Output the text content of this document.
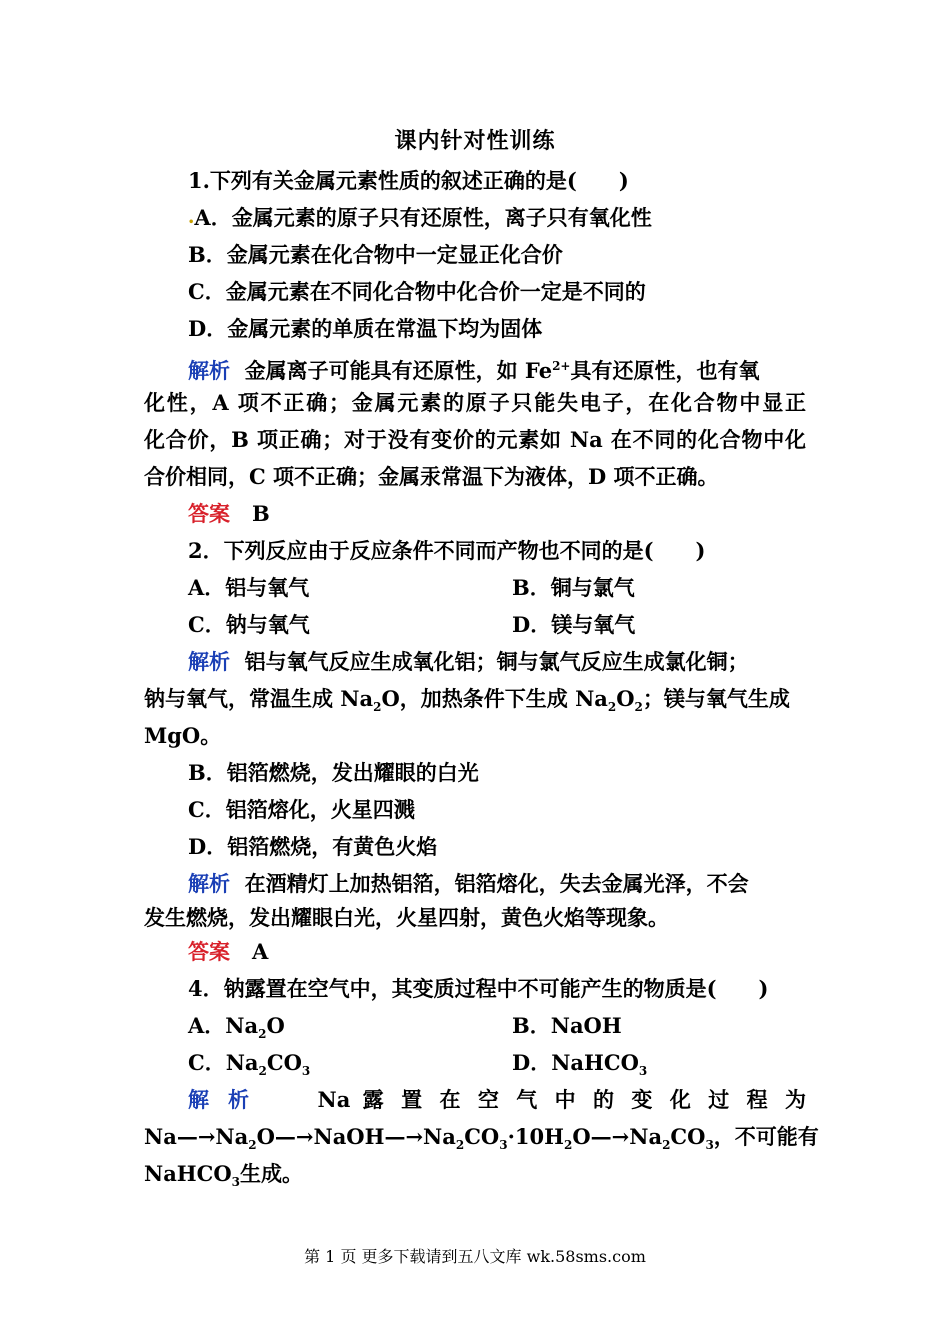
课内针对性训练
1.下列有关金属元素性质的叙述正确的是(　　)
•A．金属元素的原子只有还原性，离子只有氧化性
B．金属元素在化合物中一定显正化合价
C．金属元素在不同化合物中化合价一定是不同的
D．金属元素的单质在常温下均为固体
解析 金属离子可能具有还原性，如 $Fe^{2+}$具有还原性，也有氧
化性，A 项不正确；金属元素的原子只能失电子，在化合物中显正
化合价，B 项正确；对于没有变价的元素如 Na 在不同的化合物中化
合价相同，C 项不正确；金属汞常温下为液体，D 项不正确。
答案 B
2．下列反应由于反应条件不同而产物也不同的是(　　)
A．铝与氧气	B．铜与氯气
C．钠与氧气	D．镁与氧气
解析 铝与氧气反应生成氧化铝；铜与氯气反应生成氯化铜；
钠与氧气，常温生成 $Na_2O$，加热条件下生成 $Na_2O_2$；镁与氧气生成
MgO。
B．铝箔燃烧，发出耀眼的白光
C．铝箔熔化，火星四溅
D．铝箔燃烧，有黄色火焰
解析 在酒精灯上加热铝箔，铝箔熔化，失去金属光泽，不会
发生燃烧，发出耀眼白光，火星四射，黄色火焰等现象。
答案 A
4．钠露置在空气中，其变质过程中不可能产生的物质是(　　)
A．$Na_2O$	B．NaOH
C．$Na_2CO_3$	D．NaHCO$_3$
解析 Na 露 置 在 空 气 中 的 变 化 过 程 为
$Na—\to Na_2O—\to NaOH—\to Na_2CO_3\cdot 10H_2O—\to Na_2CO_3$，不可能有
NaHCO$_3$生成。
第 1 页 更多下载请到五八文库 wk.58sms.com
